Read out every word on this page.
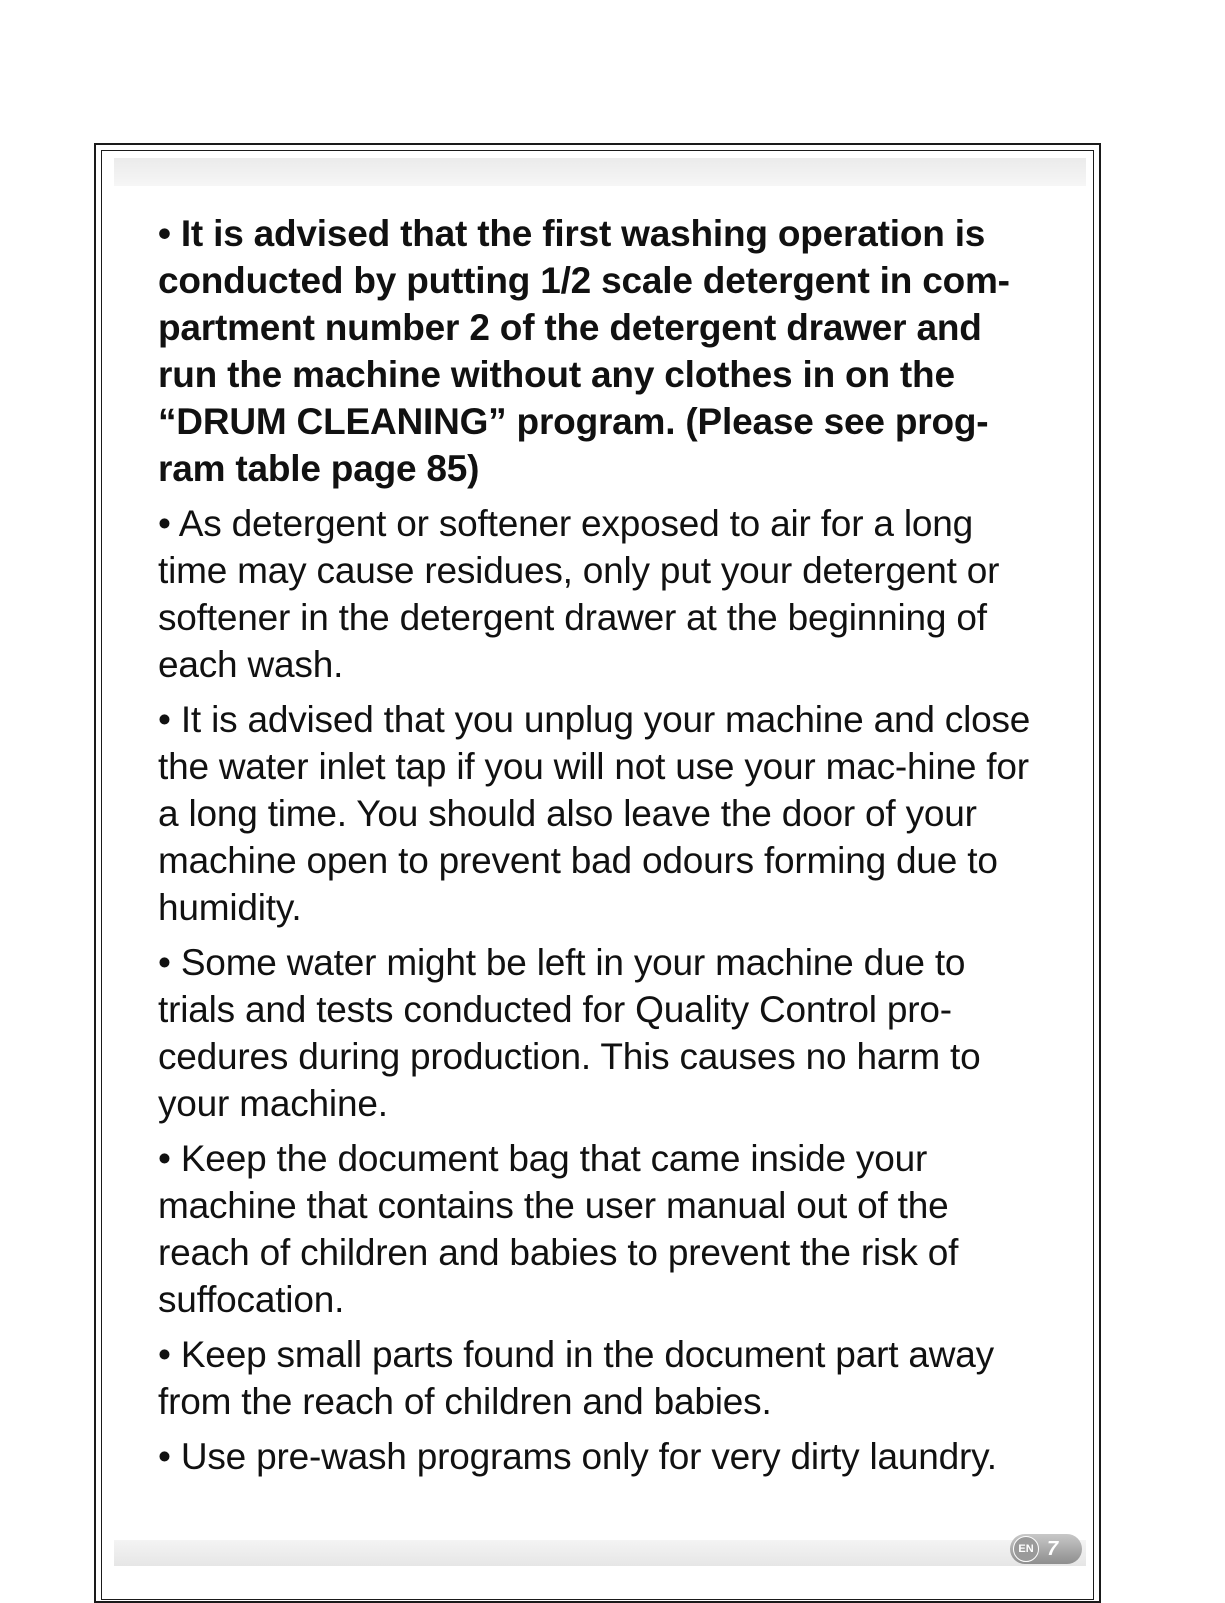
• It is advised that the first washing operation is conducted by putting 1/2 scale detergent in com-partment number 2 of the detergent drawer and run the machine without any clothes in on the “DRUM CLEANING” program. (Please see prog-ram table page 85)

• As detergent or softener exposed to air for a long time may cause residues, only put your detergent or softener in the detergent drawer at the beginning of each wash.

• It is advised that you unplug your machine and close the water inlet tap if you will not use your mac-hine for a long time. You should also leave the door of your machine open to prevent bad odours forming due to humidity.

• Some water might be left in your machine due to trials and tests conducted for Quality Control pro-cedures during production. This causes no harm to your machine.

• Keep the document bag that came inside your machine that contains the user manual out of the reach of children and babies to prevent the risk of suffocation.

• Keep small parts found in the document part away from the reach of children and babies.

• Use pre-wash programs only for very dirty laundry.

EN 7
